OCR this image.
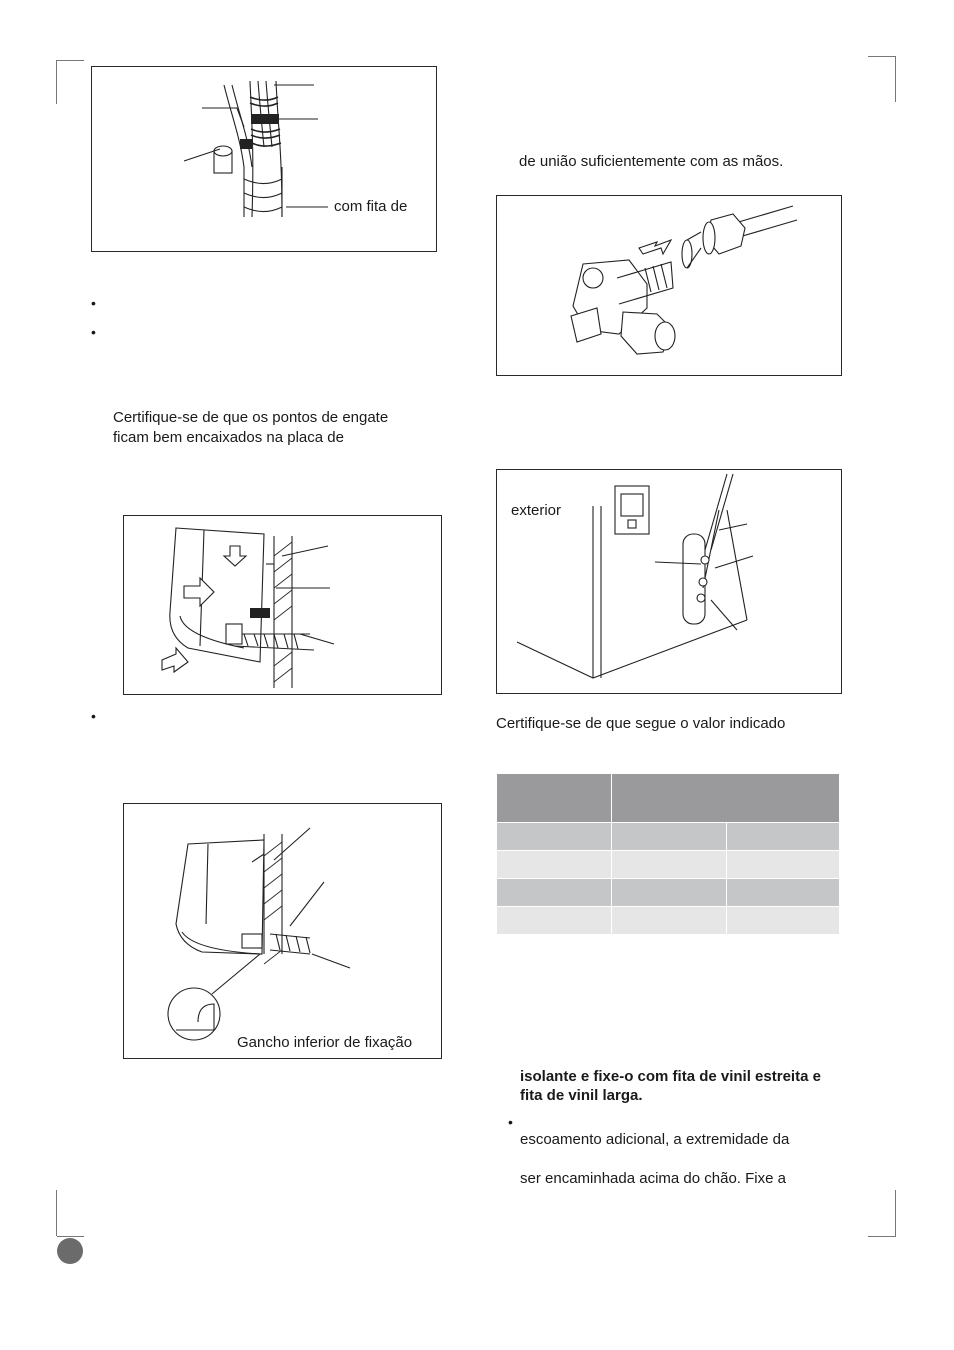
com fita de
•
•
Certifique-se de que os pontos de engate
ficam bem encaixados na placa de
•
Gancho inferior de fixação
de união suficientemente com as mãos.
exterior
Certifique-se de que segue o valor indicado

isolante e fixe-o com fita de vinil estreita e
fita de vinil larga.
•
escoamento adicional, a extremidade da
ser encaminhada acima do chão. Fixe a
